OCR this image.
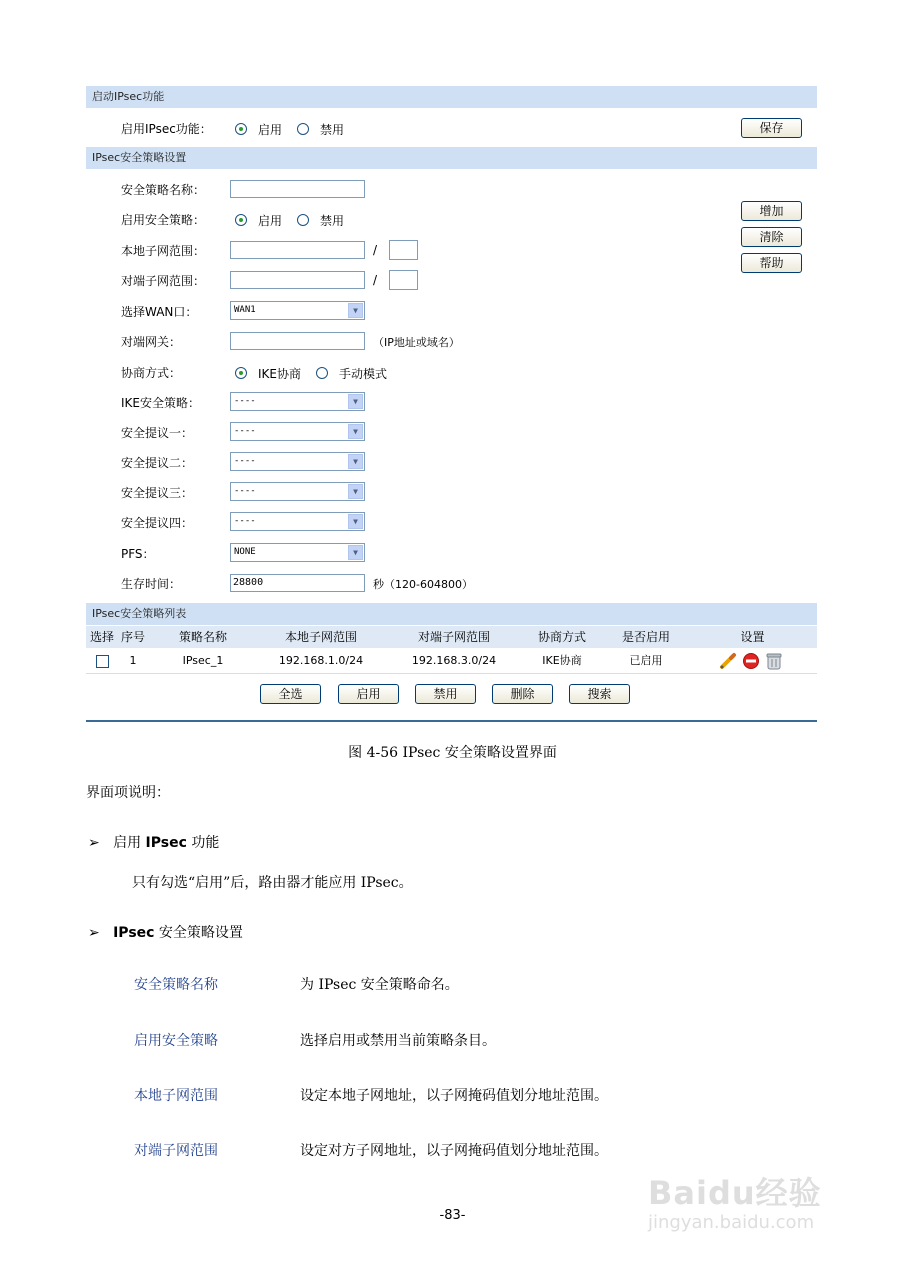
启动IPsec功能
启用IPsec功能：	启用	禁用	保存
IPsec安全策略设置
安全策略名称：
启用安全策略：	启用	禁用
增加
清除
帮助
本地子网范围：	/
对端子网范围：	/
选择WAN口：	WAN1	▼
对端网关：	（IP地址或域名）
协商方式：	IKE协商	手动模式
IKE安全策略：	----	▼
安全提议一：	----	▼
安全提议二：	----	▼
安全提议三：	----	▼
安全提议四：	----	▼
PFS：	NONE	▼
生存时间：	28800	秒（120-604800）
IPsec安全策略列表
选择 序号	策略名称	本地子网范围	对端子网范围	协商方式	是否启用	设置
1	IPsec_1	192.168.1.0/24	192.168.3.0/24	IKE协商	已启用
全选	启用	禁用	删除	搜索
图 4-56 IPsec 安全策略设置界面
界面项说明：
➢ 启用 IPsec 功能
只有勾选“启用”后，路由器才能应用 IPsec。
➢ IPsec 安全策略设置
安全策略名称	为 IPsec 安全策略命名。
启用安全策略	选择启用或禁用当前策略条目。
本地子网范围	设定本地子网地址，以子网掩码值划分地址范围。
对端子网范围	设定对方子网地址，以子网掩码值划分地址范围。
-83-
Baidu经验
jingyan.baidu.com
